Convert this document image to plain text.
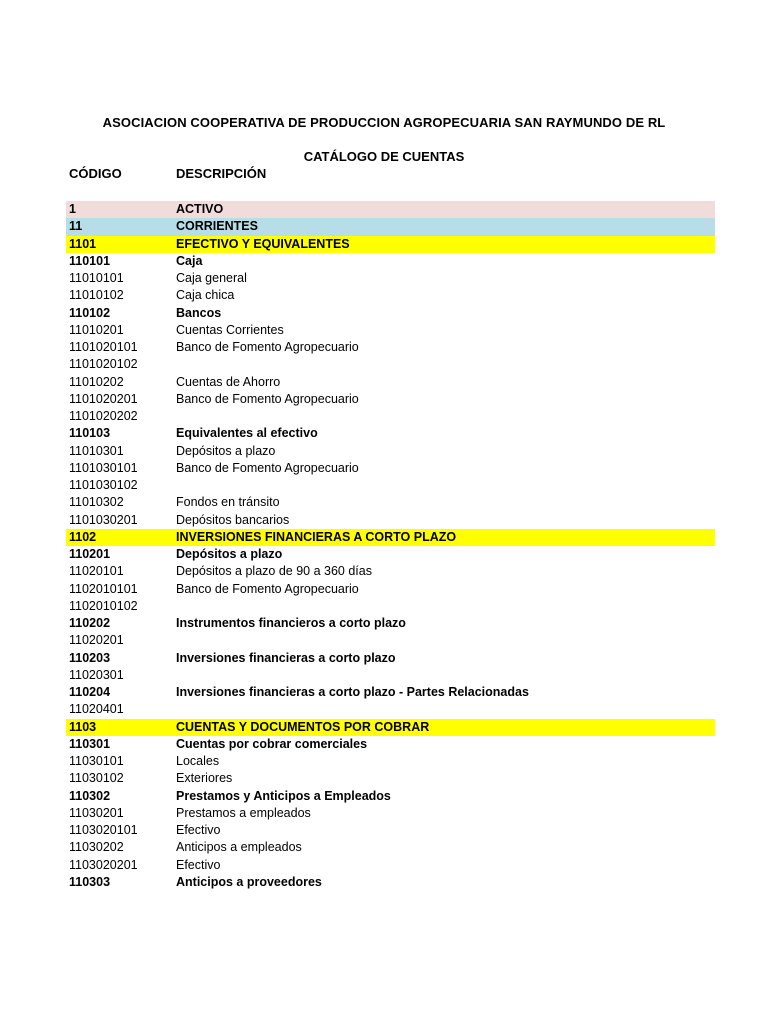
ASOCIACION COOPERATIVA DE PRODUCCION AGROPECUARIA SAN RAYMUNDO DE RL
CATÁLOGO DE CUENTAS
CÓDIGO	DESCRIPCIÓN
1	ACTIVO
11	CORRIENTES
1101	EFECTIVO Y EQUIVALENTES
110101	Caja
11010101	Caja general
11010102	Caja chica
110102	Bancos
11010201	Cuentas Corrientes
1101020101	Banco de Fomento Agropecuario
1101020102
11010202	Cuentas de Ahorro
1101020201	Banco de Fomento Agropecuario
1101020202
110103	Equivalentes al efectivo
11010301	Depósitos a plazo
1101030101	Banco de Fomento Agropecuario
1101030102
11010302	Fondos en tránsito
1101030201	Depósitos bancarios
1102	INVERSIONES FINANCIERAS A CORTO PLAZO
110201	Depósitos a plazo
11020101	Depósitos a plazo de 90 a 360 días
1102010101	Banco de Fomento Agropecuario
1102010102
110202	Instrumentos financieros a corto plazo
11020201
110203	Inversiones financieras a corto plazo
11020301
110204	Inversiones financieras a corto plazo - Partes Relacionadas
11020401
1103	CUENTAS Y DOCUMENTOS POR COBRAR
110301	Cuentas por cobrar comerciales
11030101	Locales
11030102	Exteriores
110302	Prestamos y Anticipos a Empleados
11030201	Prestamos a empleados
1103020101	Efectivo
11030202	Anticipos a empleados
1103020201	Efectivo
110303	Anticipos a proveedores
